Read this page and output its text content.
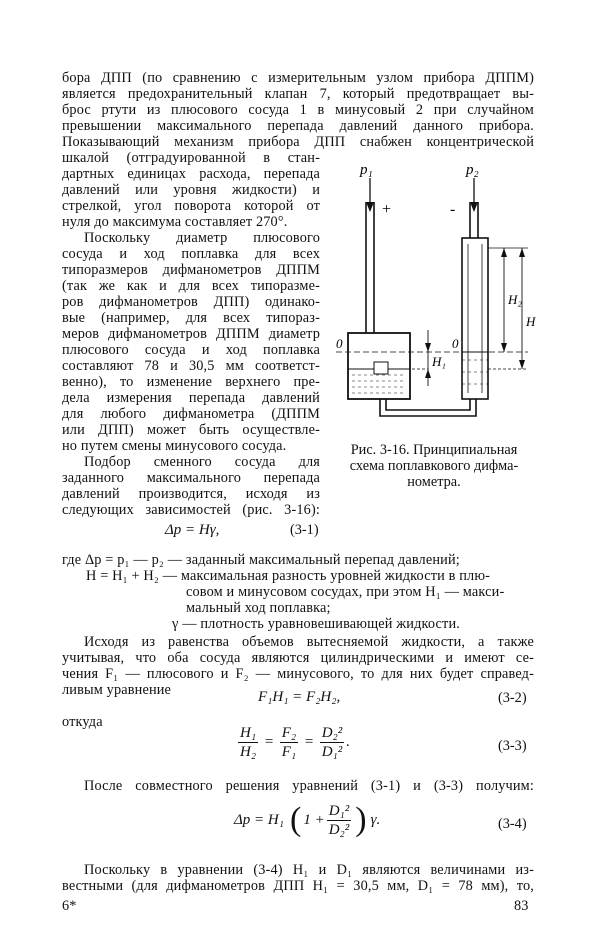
бора ДПП (по сравнению с измерительным узлом прибора ДППМ)

является предохранительный клапан 7, который предотвращает вы-

брос ртути из плюсового сосуда 1 в минусовый 2 при случайном

превышении максимального перепада давлений данного прибора.

Показывающий механизм прибора ДПП снабжен концентрической

шкалой (отградуированной в стан-

дартных единицах расхода, перепада

давлений или уровня жидкости) и

стрелкой, угол поворота которой от

нуля до максимума составляет 270°.

Поскольку диаметр плюсового

сосуда и ход поплавка для всех

типоразмеров дифманометров ДППМ

(так же как и для всех типоразме-

ров дифманометров ДПП) одинако-

вые (например, для всех типораз-

меров дифманометров ДППМ диаметр

плюсового сосуда и ход поплавка

составляют 78 и 30,5 мм соответст-

венно), то изменение верхнего пре-

дела измерения перепада давлений

для любого дифманометра (ДППМ

или ДПП) может быть осуществле-

но путем смены минусового сосуда.

Подбор сменного сосуда для

заданного максимального перепада

давлений производится, исходя из

следующих зависимостей (рис. 3-16):

Δp = Hγ,	(3-1)
p₁	p₂
+	-
0	0
H₁
H₂
H
Рис. 3-16. Принципиальная
схема поплавкового дифма-
нометра.

где Δp = p₁ — p₂ — заданный максимальный перепад давлений;

H = H₁ + H₂ — максимальная разность уровней жидкости в плю-

совом и минусовом сосудах, при этом H₁ — макси-

мальный ход поплавка;

γ — плотность уравновешивающей жидкости.

Исходя из равенства объемов вытесняемой жидкости, а также

учитывая, что оба сосуда являются цилиндрическими и имеют се-

чения F₁ — плюсового и F₂ — минусового, то для них будет справед-

ливым уравнение	F₁H₁ = F₂H₂,	(3-2)

откуда

$\frac{\text{H₁}}{\text{H₂}} = \frac{\text{F₂}}{\text{F₁}} = \frac{\text{D₂²}}{\text{D₁²}}$ .	(3-3)

После совместного решения уравнений (3-1) и (3-3) получим:

Δp = H₁ ( $1 + \frac{\text{D₁²}}{\text{D₂²}}$ ) γ.	(3-4)

Поскольку в уравнении (3-4) H₁ и D₁ являются величинами из-

вестными (для дифманометров ДПП H₁ = 30,5 мм, D₁ = 78 мм), то,

6*	83
